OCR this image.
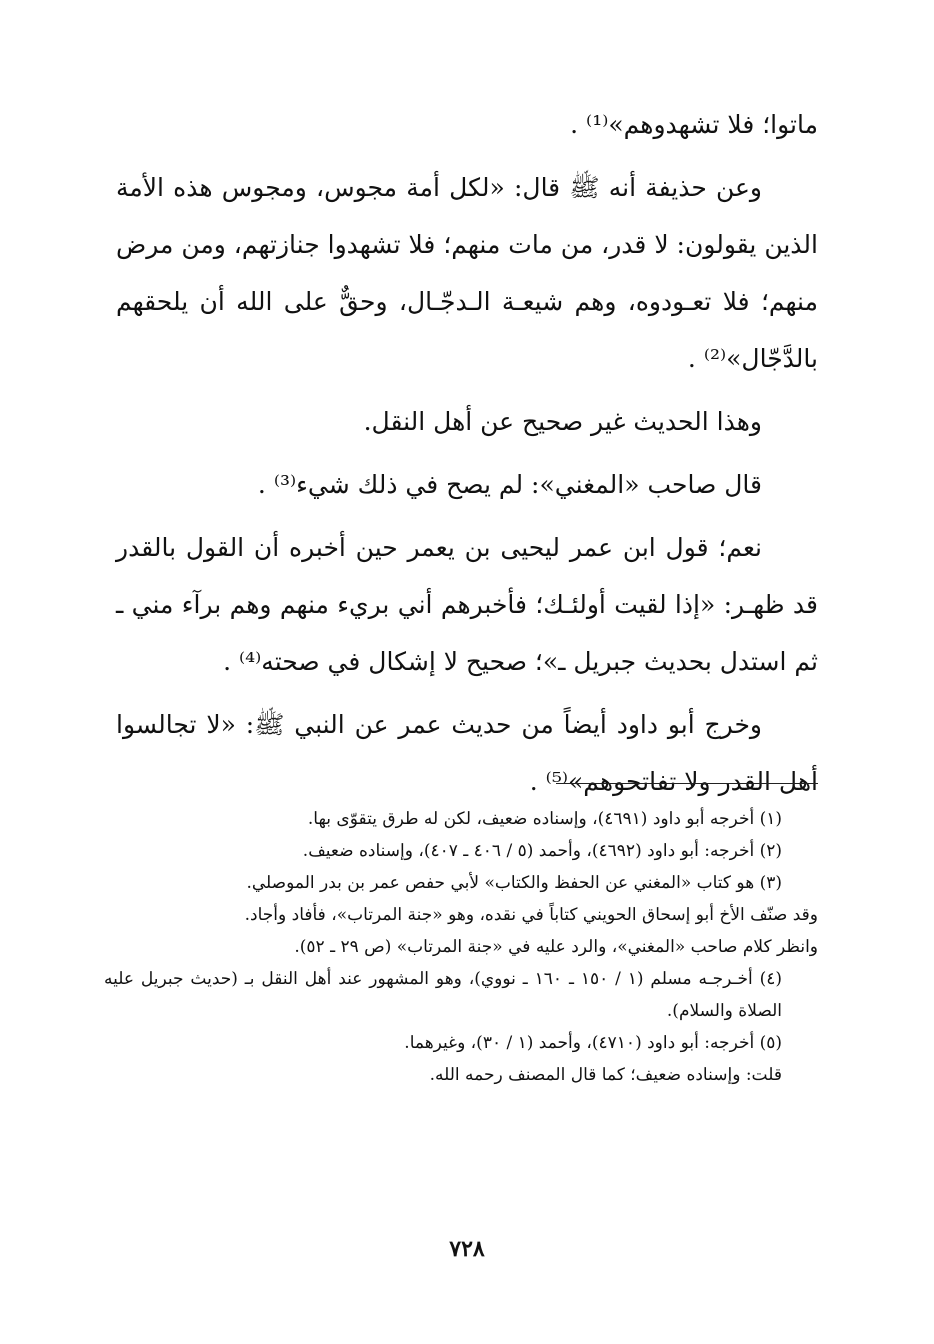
ماتوا؛ فلا تشهدوهم»⁽¹⁾ .

وعن حذيفة أنه ﷺ قال: «لكل أمة مجوس، ومجوس هذه الأمة الذين يقولون: لا قدر، من مات منهم؛ فلا تشهدوا جنازتهم، ومن مرض منهم؛ فلا تعـودوه، وهم شيعـة الـدجّـال، وحقٌّ على الله أن يلحقهم بالدَّجّال»⁽²⁾ .

وهذا الحديث غير صحيح عن أهل النقل.

قال صاحب «المغني»: لم يصح في ذلك شيء⁽³⁾ .

نعم؛ قول ابن عمر ليحيى بن يعمر حين أخبره أن القول بالقدر قد ظهـر: «إذا لقيت أولئـك؛ فأخبرهم أني بريء منهم وهم برآء مني ـ ثم استدل بحديث جبريل ـ»؛ صحيح لا إشكال في صحته⁽⁴⁾ .

وخرج أبو داود أيضاً من حديث عمر عن النبي ﷺ: «لا تجالسوا أهل القدر ولا تفاتحوهم»⁽⁵⁾ .

(١) أخرجه أبو داود (٤٦٩١)، وإسناده ضعيف، لكن له طرق يتقوّى بها.

(٢) أخرجه: أبو داود (٤٦٩٢)، وأحمد (٥ / ٤٠٦ ـ ٤٠٧)، وإسناده ضعيف.

(٣) هو كتاب «المغني عن الحفظ والكتاب» لأبي حفص عمر بن بدر الموصلي.

وقد صنّف الأخ أبو إسحاق الحويني كتاباً في نقده، وهو «جنة المرتاب»، فأفاد وأجاد.

وانظر كلام صاحب «المغني»، والرد عليه في «جنة المرتاب» (ص ٢٩ ـ ٥٢).

(٤) أخـرجـه مسلم (١ / ١٥٠ ـ ١٦٠ ـ نووي)، وهو المشهور عند أهل النقل بـ (حديث جبريل عليه الصلاة والسلام).

(٥) أخرجه: أبو داود (٤٧١٠)، وأحمد (١ / ٣٠)، وغيرهما.

قلت: وإسناده ضعيف؛ كما قال المصنف رحمه الله.

٧٢٨
